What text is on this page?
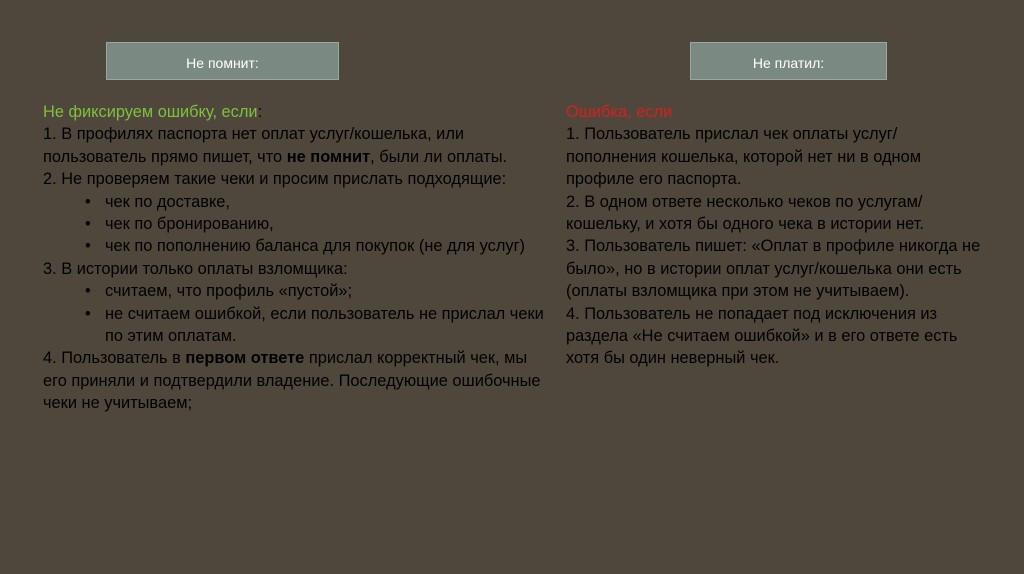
Не помнит:	Не платил:

Не фиксируем ошибку, если:

1. В профилях паспорта нет оплат услуг/кошелька, или пользователь прямо пишет, что не помнит, были ли оплаты.

2. Не проверяем такие чеки и просим прислать подходящие:

• чек по доставке,
• чек по бронированию,
• чек по пополнению баланса для покупок (не для услуг)

3. В истории только оплаты взломщика:

• считаем, что профиль «пустой»;
• не считаем ошибкой, если пользователь не прислал чеки по этим оплатам.

4. Пользователь в первом ответе прислал корректный чек, мы его приняли и подтвердили владение. Последующие ошибочные чеки не учитываем;

Ошибка, если

1. Пользователь прислал чек оплаты услуг/пополнения кошелька, которой нет ни в одном профиле его паспорта.

2. В одном ответе несколько чеков по услугам/кошельку, и хотя бы одного чека в истории нет.

3. Пользователь пишет: «Оплат в профиле никогда не было», но в истории оплат услуг/кошелька они есть (оплаты взломщика при этом не учитываем).

4. Пользователь не попадает под исключения из раздела «Не считаем ошибкой» и в его ответе есть хотя бы один неверный чек.
